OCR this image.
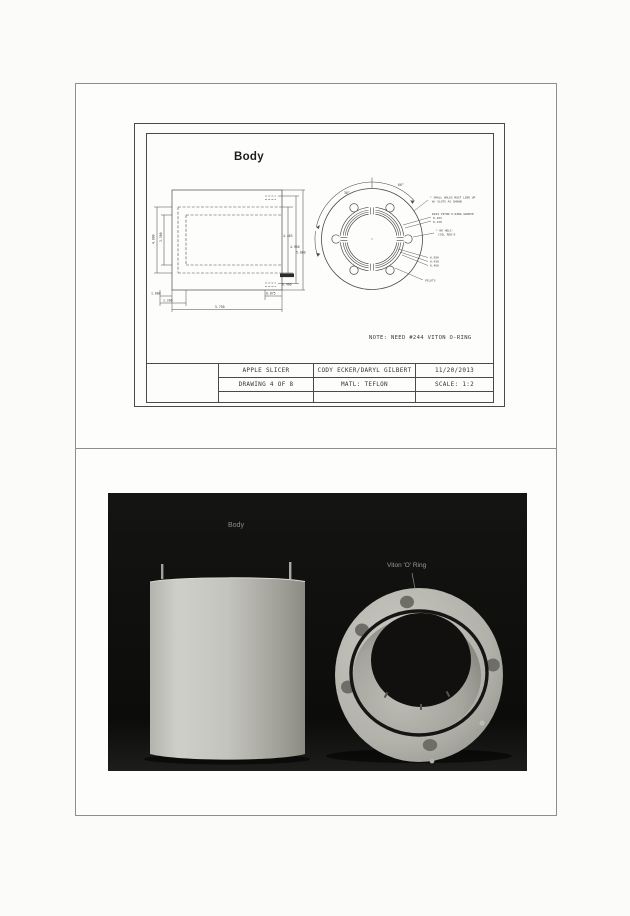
Body
4.000 3.500	4.463
4.950
5.000
1.000
1.200
0.875
5.750
0.460
60°
30°
* SMALL HOLES MUST LINE UP
W/ SLOTS AS SHOWN
#244 VITON O-RING GROOVE
0.103
0.139
* NO HELI-
COIL REQ'D
0.500
0.438
0.460
PILOTS
NOTE: NEED #244 VITON O-RING
APPLE SLICER	CODY ECKER/DARYL GILBERT	11/20/2013
DRAWING 4 OF 8	MATL: TEFLON	SCALE: 1:2
Body
Viton 'O' Ring
